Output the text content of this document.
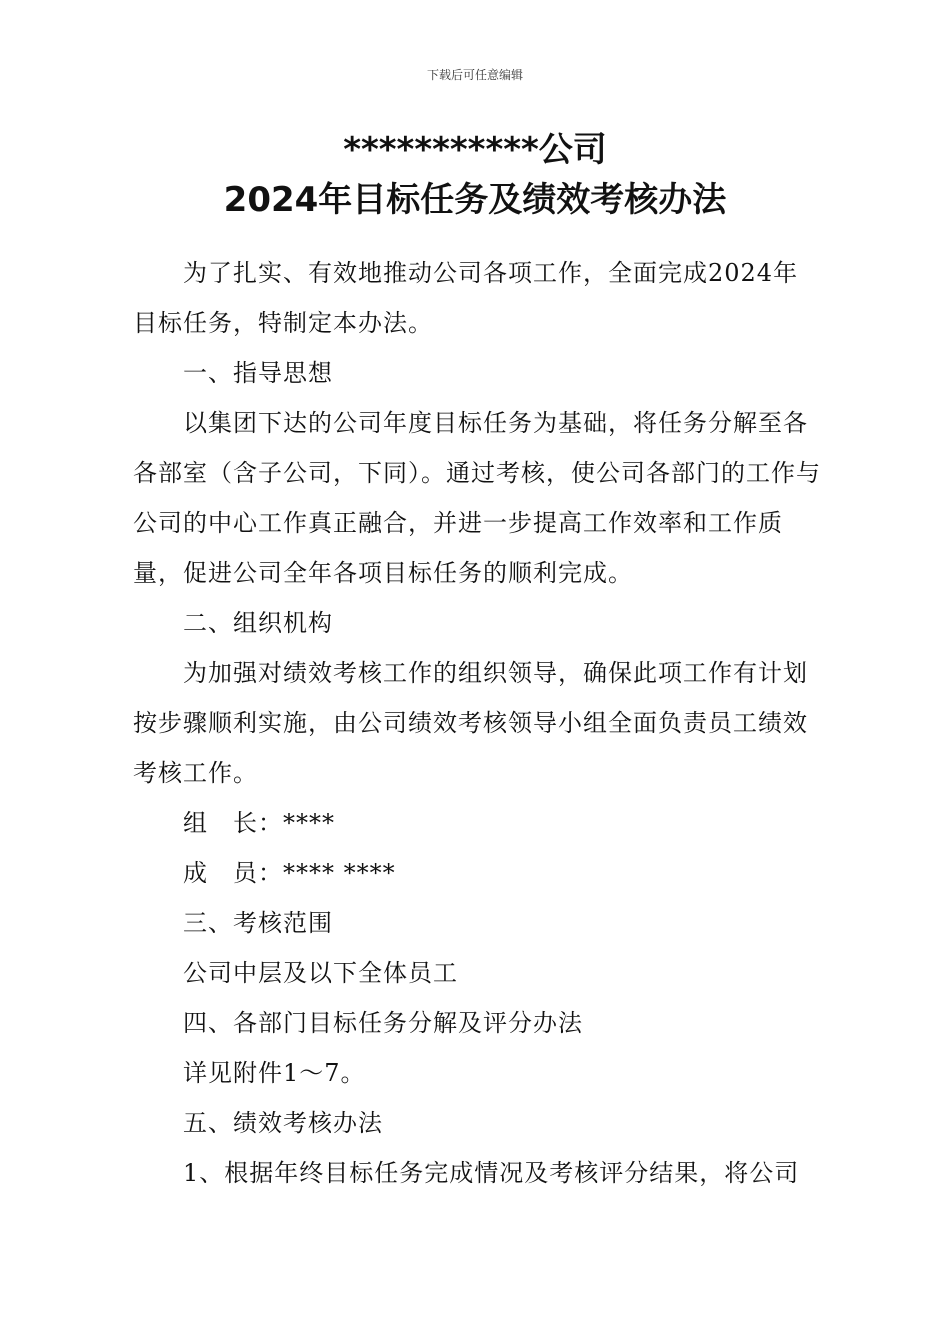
下载后可任意编辑
***********公司
2024年目标任务及绩效考核办法

为了扎实、有效地推动公司各项工作，全面完成2024年目标任务，特制定本办法。

一、指导思想

以集团下达的公司年度目标任务为基础，将任务分解至各各部室（含子公司，下同）。通过考核，使公司各部门的工作与公司的中心工作真正融合，并进一步提高工作效率和工作质量，促进公司全年各项目标任务的顺利完成。

二、组织机构

为加强对绩效考核工作的组织领导，确保此项工作有计划按步骤顺利实施，由公司绩效考核领导小组全面负责员工绩效考核工作。

组　长：****

成　员：**** ****

三、考核范围

公司中层及以下全体员工

四、各部门目标任务分解及评分办法

详见附件1～7。

五、绩效考核办法

1、根据年终目标任务完成情况及考核评分结果，将公司
